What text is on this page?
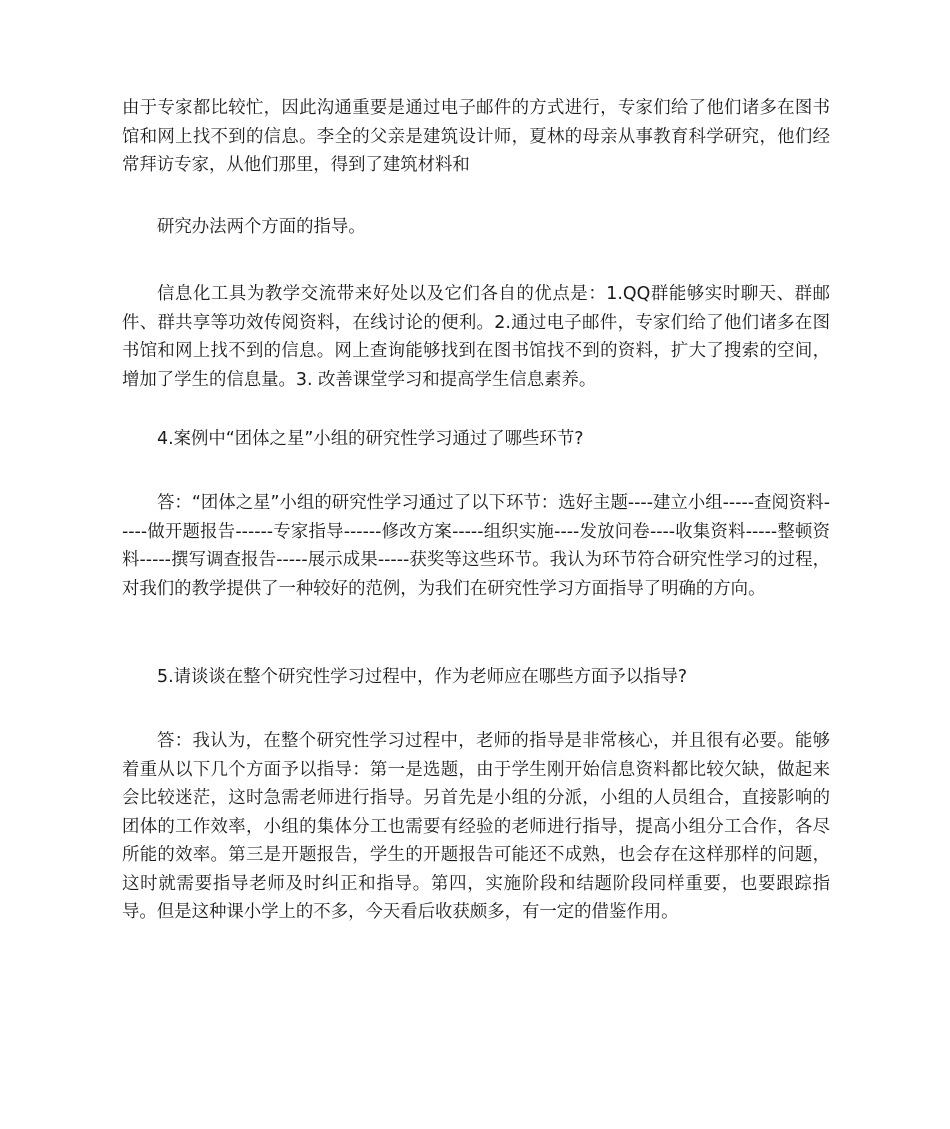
由于专家都比较忙，因此沟通重要是通过电子邮件的方式进行，专家们给了他们诸多在图书馆和网上找不到的信息。李全的父亲是建筑设计师，夏林的母亲从事教育科学研究，他们经常拜访专家，从他们那里，得到了建筑材料和

研究办法两个方面的指导。

信息化工具为教学交流带来好处以及它们各自的优点是：1.QQ群能够实时聊天、群邮件、群共享等功效传阅资料，在线讨论的便利。2.通过电子邮件，专家们给了他们诸多在图书馆和网上找不到的信息。网上查询能够找到在图书馆找不到的资料，扩大了搜索的空间，增加了学生的信息量。3. 改善课堂学习和提高学生信息素养。

4.案例中“团体之星”小组的研究性学习通过了哪些环节?

答：“团体之星”小组的研究性学习通过了以下环节：选好主题----建立小组-----查阅资料-----做开题报告------专家指导------修改方案-----组织实施----发放问卷----收集资料-----整顿资料-----撰写调查报告-----展示成果-----获奖等这些环节。我认为环节符合研究性学习的过程，对我们的教学提供了一种较好的范例，为我们在研究性学习方面指导了明确的方向。

5.请谈谈在整个研究性学习过程中，作为老师应在哪些方面予以指导?

答：我认为，在整个研究性学习过程中，老师的指导是非常核心，并且很有必要。能够着重从以下几个方面予以指导：第一是选题，由于学生刚开始信息资料都比较欠缺，做起来会比较迷茫，这时急需老师进行指导。另首先是小组的分派，小组的人员组合，直接影响的团体的工作效率，小组的集体分工也需要有经验的老师进行指导，提高小组分工合作，各尽所能的效率。第三是开题报告，学生的开题报告可能还不成熟，也会存在这样那样的问题，这时就需要指导老师及时纠正和指导。第四，实施阶段和结题阶段同样重要，也要跟踪指导。但是这种课小学上的不多，今天看后收获颇多，有一定的借鉴作用。
